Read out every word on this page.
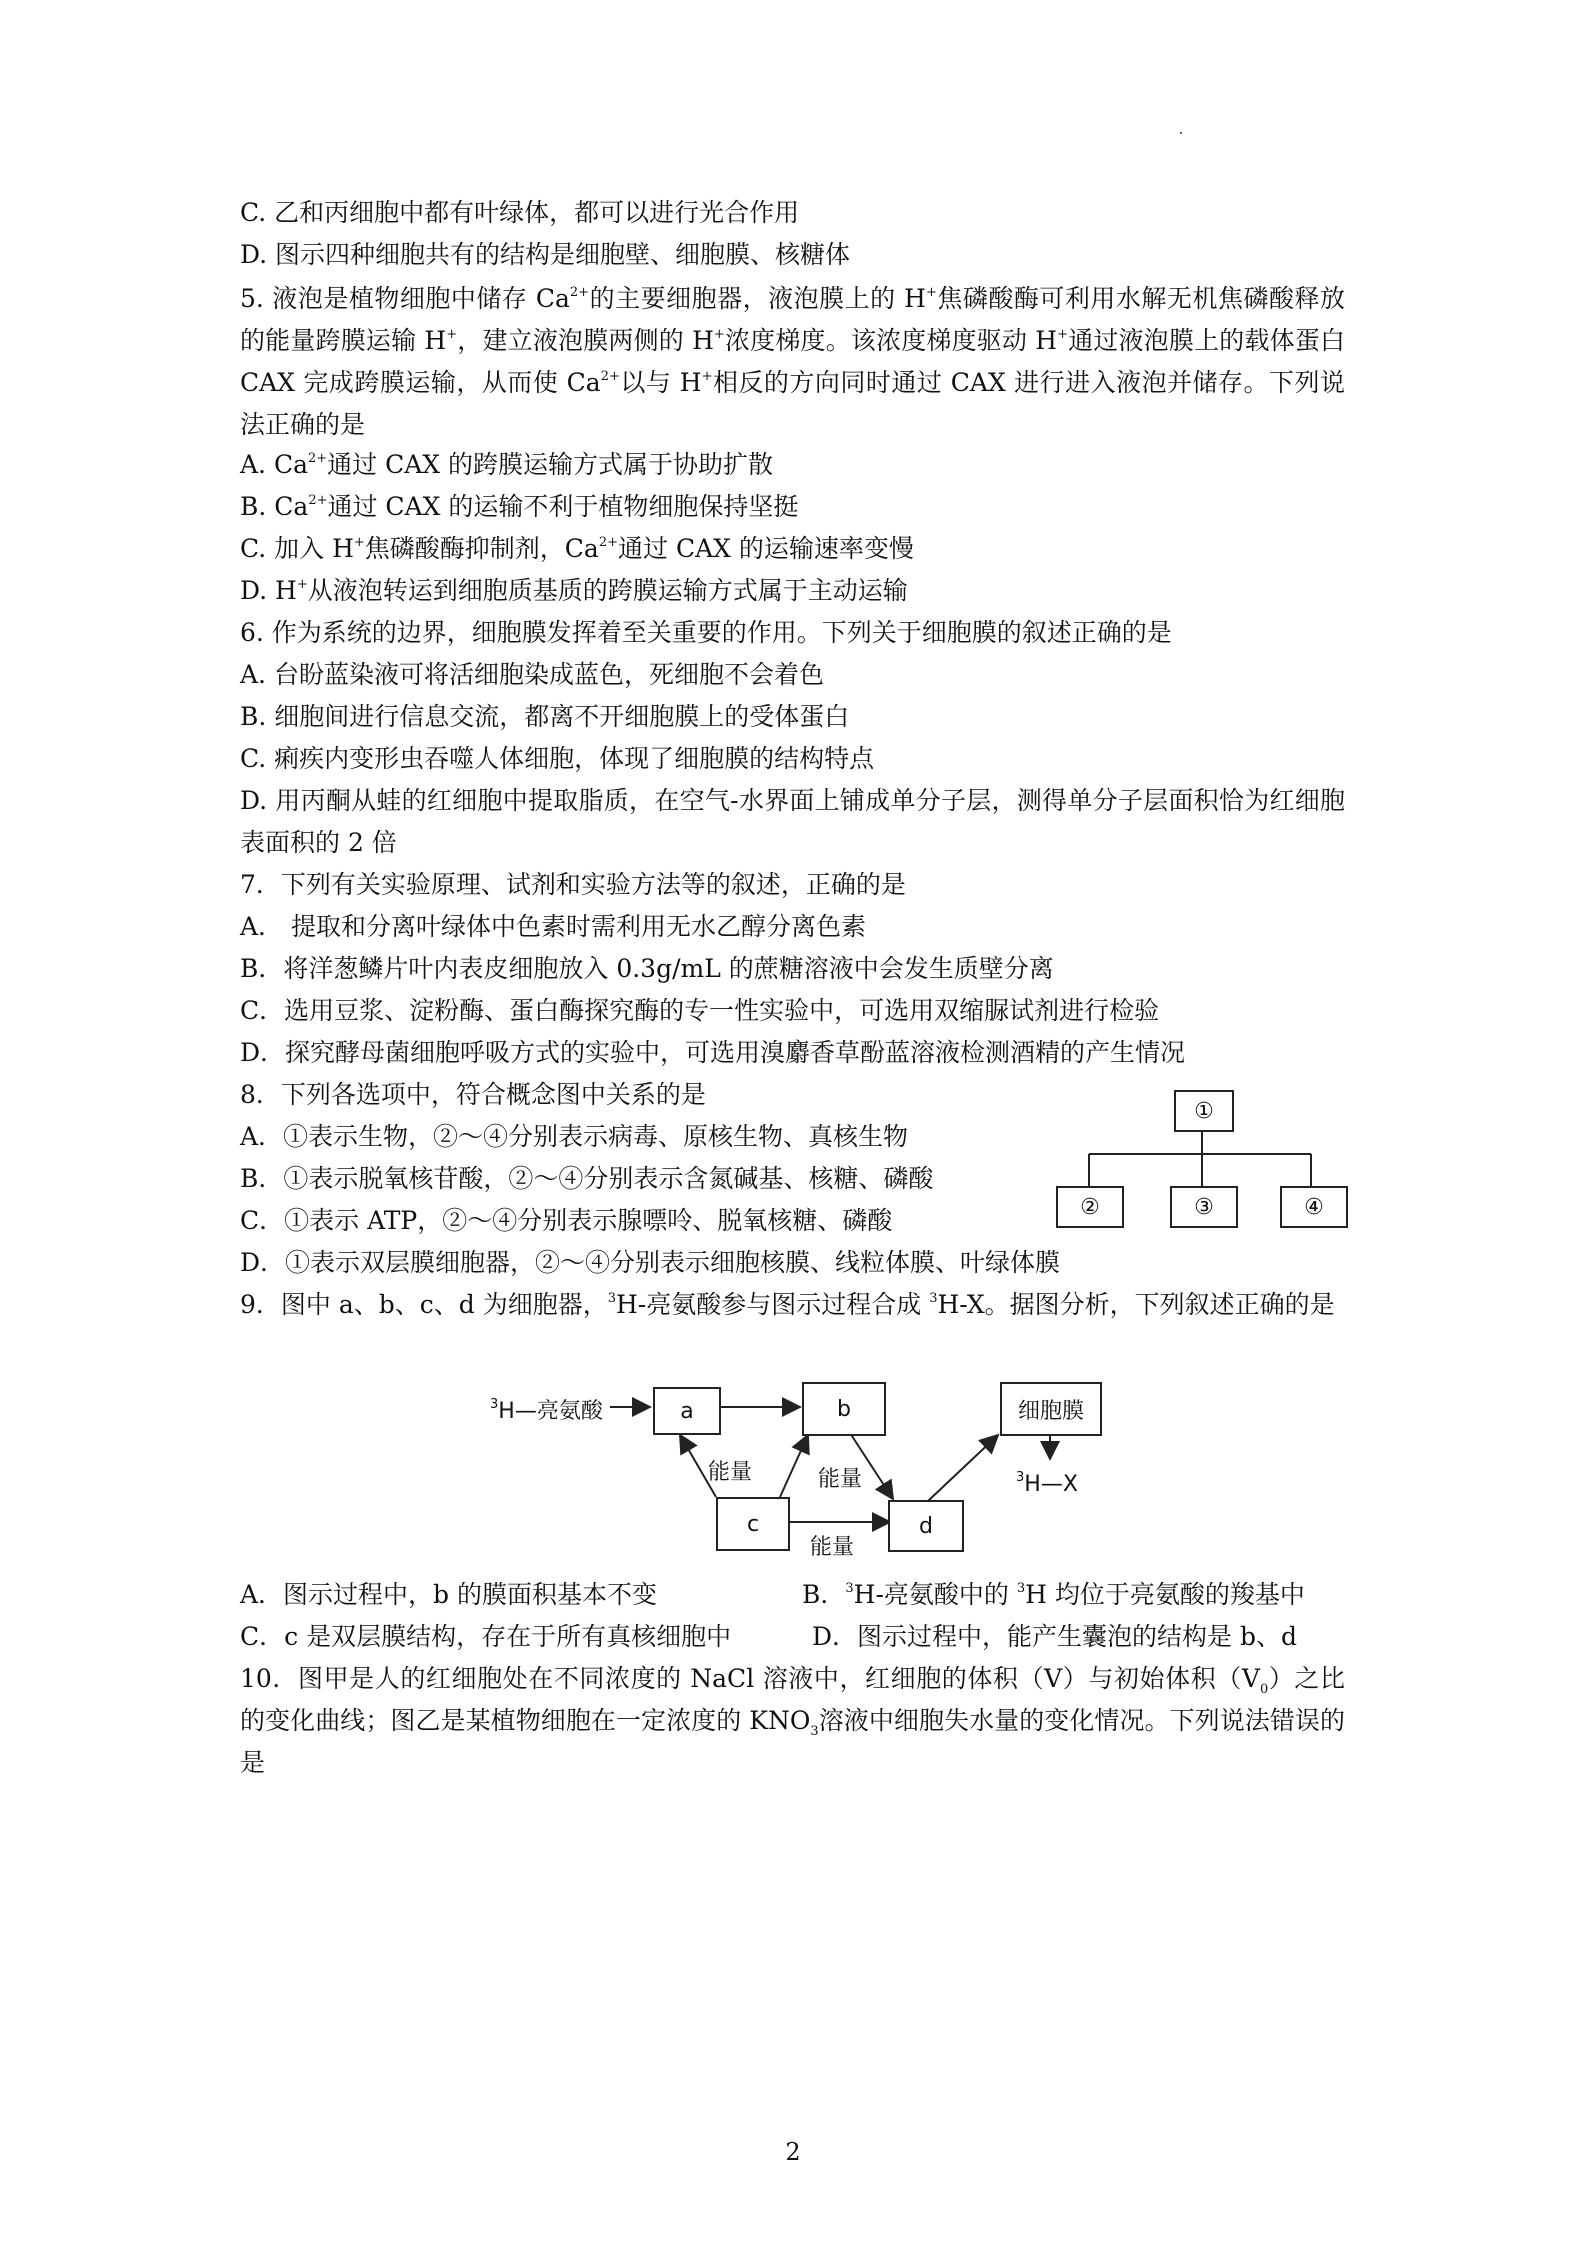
C. 乙和丙细胞中都有叶绿体，都可以进行光合作用
D. 图示四种细胞共有的结构是细胞壁、细胞膜、核糖体
5. 液泡是植物细胞中储存 $Ca^{2+}$的主要细胞器，液泡膜上的 H+焦磷酸酶可利用水解无机焦磷酸释放的能量跨膜运输 H+，建立液泡膜两侧的 H+浓度梯度。该浓度梯度驱动 H+通过液泡膜上的载体蛋白 CAX 完成跨膜运输，从而使 $Ca^{2+}$以与 H+相反的方向同时通过 CAX 进行进入液泡并储存。下列说法正确的是
A. $Ca^{2+}$通过 CAX 的跨膜运输方式属于协助扩散
B. $Ca^{2+}$通过 CAX 的运输不利于植物细胞保持坚挺
C. 加入 H+焦磷酸酶抑制剂，$Ca^{2+}$通过 CAX 的运输速率变慢
D. H+从液泡转运到细胞质基质的跨膜运输方式属于主动运输
6. 作为系统的边界，细胞膜发挥着至关重要的作用。下列关于细胞膜的叙述正确的是
A. 台盼蓝染液可将活细胞染成蓝色，死细胞不会着色
B. 细胞间进行信息交流，都离不开细胞膜上的受体蛋白
C. 痢疾内变形虫吞噬人体细胞，体现了细胞膜的结构特点
D. 用丙酮从蛙的红细胞中提取脂质，在空气-水界面上铺成单分子层，测得单分子层面积恰为红细胞表面积的 2 倍
7．下列有关实验原理、试剂和实验方法等的叙述，正确的是
A． 提取和分离叶绿体中色素时需利用无水乙醇分离色素
B．将洋葱鳞片叶内表皮细胞放入 0.3g/mL 的蔗糖溶液中会发生质壁分离
C．选用豆浆、淀粉酶、蛋白酶探究酶的专一性实验中，可选用双缩脲试剂进行检验
D．探究酵母菌细胞呼吸方式的实验中，可选用溴麝香草酚蓝溶液检测酒精的产生情况
8．下列各选项中，符合概念图中关系的是
A．①表示生物，②～④分别表示病毒、原核生物、真核生物
B．①表示脱氧核苷酸，②～④分别表示含氮碱基、核糖、磷酸
C．①表示 ATP，②～④分别表示腺嘌呤、脱氧核糖、磷酸
D．①表示双层膜细胞器，②～④分别表示细胞核膜、线粒体膜、叶绿体膜
①
②	③	④
9．图中 a、b、c、d 为细胞器，$^3$H-亮氨酸参与图示过程合成 $^3$H-X。据图分析，下列叙述正确的是
$^3$H—亮氨酸	a	b	细胞膜
c	d
能量	能量
能量
$^3$H—X
A．图示过程中，b 的膜面积基本不变	B．$^3$H-亮氨酸中的 $^3$H 均位于亮氨酸的羧基中
C．c 是双层膜结构，存在于所有真核细胞中	D．图示过程中，能产生囊泡的结构是 b、d
10．图甲是人的红细胞处在不同浓度的 NaCl 溶液中，红细胞的体积（V）与初始体积$(V_0)$之比的变化曲线；图乙是某植物细胞在一定浓度的 $KNO_3$溶液中细胞失水量的变化情况。下列说法错误的是
2
